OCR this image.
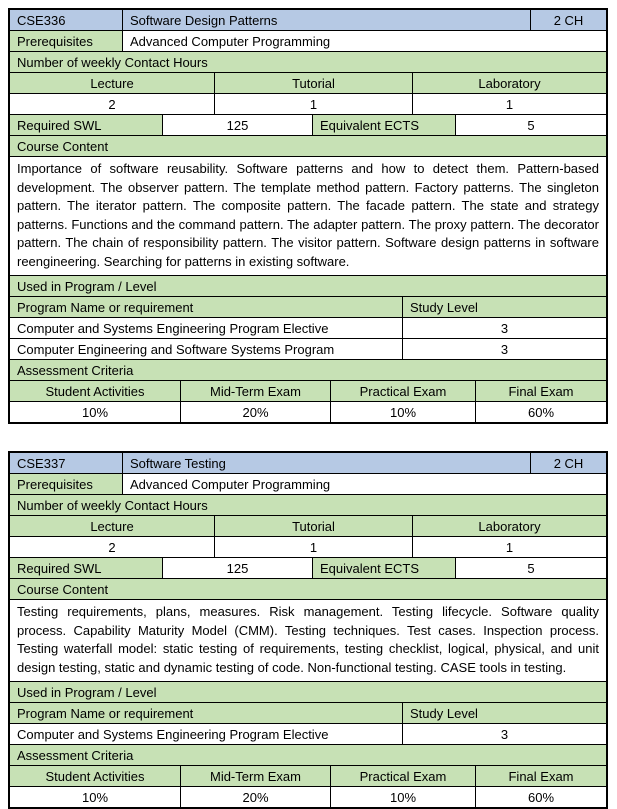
CSE336	Software Design Patterns	2 CH
Prerequisites	Advanced Computer Programming
Number of weekly Contact Hours
Lecture	Tutorial	Laboratory
2	1	1
Required SWL	125	Equivalent ECTS	5
Course Content
Importance of software reusability. Software patterns and how to detect them. Pattern-based development. The observer pattern. The template method pattern. Factory patterns. The singleton pattern. The iterator pattern. The composite pattern. The facade pattern. The state and strategy patterns. Functions and the command pattern. The adapter pattern. The proxy pattern. The decorator pattern. The chain of responsibility pattern. The visitor pattern. Software design patterns in software reengineering. Searching for patterns in existing software.
Used in Program / Level
Program Name or requirement	Study Level
Computer and Systems Engineering Program Elective	3
Computer Engineering and Software Systems Program	3
Assessment Criteria
Student Activities	Mid-Term Exam	Practical Exam	Final Exam
10%	20%	10%	60%
CSE337	Software Testing	2 CH
Prerequisites	Advanced Computer Programming
Number of weekly Contact Hours
Lecture	Tutorial	Laboratory
2	1	1
Required SWL	125	Equivalent ECTS	5
Course Content
Testing requirements, plans, measures. Risk management. Testing lifecycle. Software quality process. Capability Maturity Model (CMM). Testing techniques. Test cases. Inspection process. Testing waterfall model: static testing of requirements, testing checklist, logical, physical, and unit design testing, static and dynamic testing of code. Non-functional testing. CASE tools in testing.
Used in Program / Level
Program Name or requirement	Study Level
Computer and Systems Engineering Program Elective	3
Assessment Criteria
Student Activities	Mid-Term Exam	Practical Exam	Final Exam
10%	20%	10%	60%
